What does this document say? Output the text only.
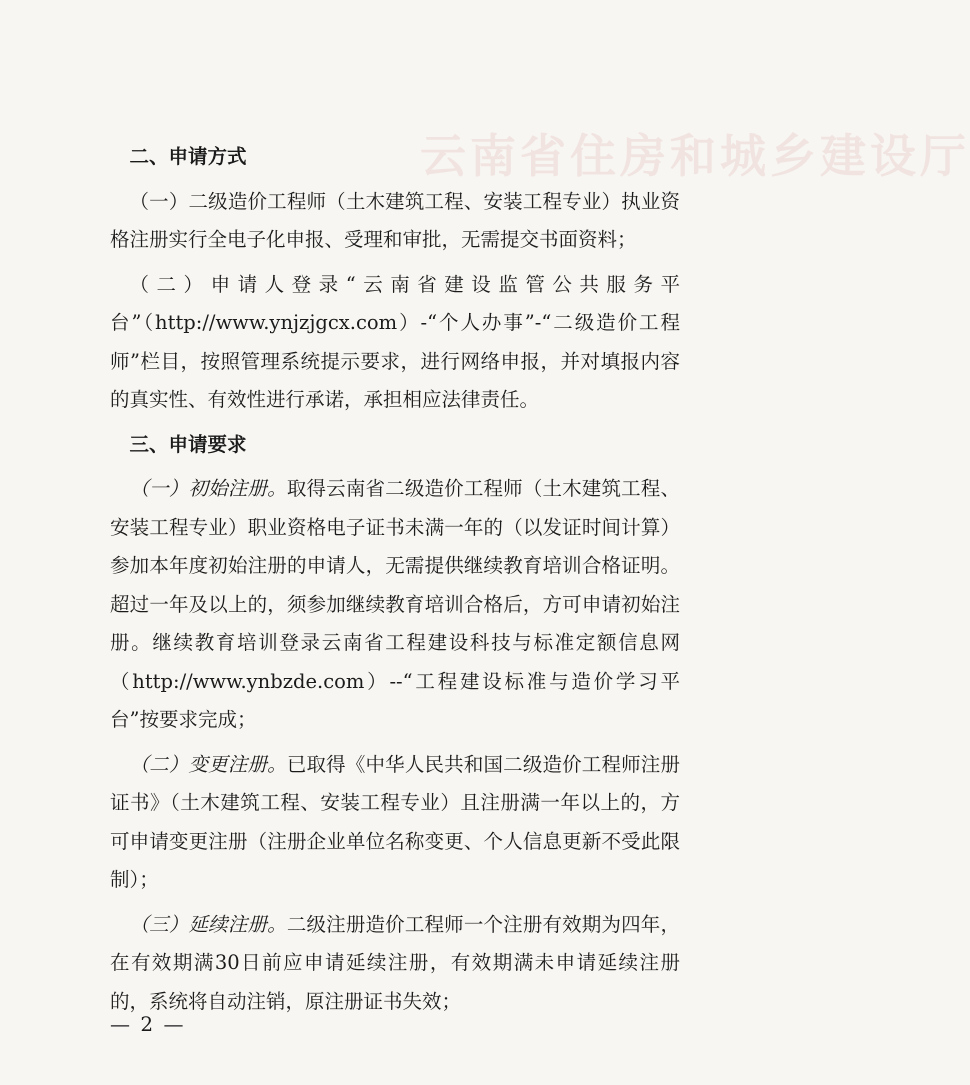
云南省住房和城乡建设厅

二、申请方式

（一）二级造价工程师（土木建筑工程、安装工程专业）执业资格注册实行全电子化申报、受理和审批，无需提交书面资料；

（二）申请人登录“云南省建设监管公共服务平台”（http://www.ynjzjgcx.com）-“个人办事”-“二级造价工程师”栏目，按照管理系统提示要求，进行网络申报，并对填报内容的真实性、有效性进行承诺，承担相应法律责任。

三、申请要求

（一）初始注册。取得云南省二级造价工程师（土木建筑工程、安装工程专业）职业资格电子证书未满一年的（以发证时间计算）参加本年度初始注册的申请人，无需提供继续教育培训合格证明。超过一年及以上的，须参加继续教育培训合格后，方可申请初始注册。继续教育培训登录云南省工程建设科技与标准定额信息网（http://www.ynbzde.com）--“工程建设标准与造价学习平台”按要求完成；

（二）变更注册。已取得《中华人民共和国二级造价工程师注册证书》（土木建筑工程、安装工程专业）且注册满一年以上的，方可申请变更注册（注册企业单位名称变更、个人信息更新不受此限制）；

（三）延续注册。二级注册造价工程师一个注册有效期为四年，在有效期满30日前应申请延续注册，有效期满未申请延续注册的，系统将自动注销，原注册证书失效；

— 2 —
